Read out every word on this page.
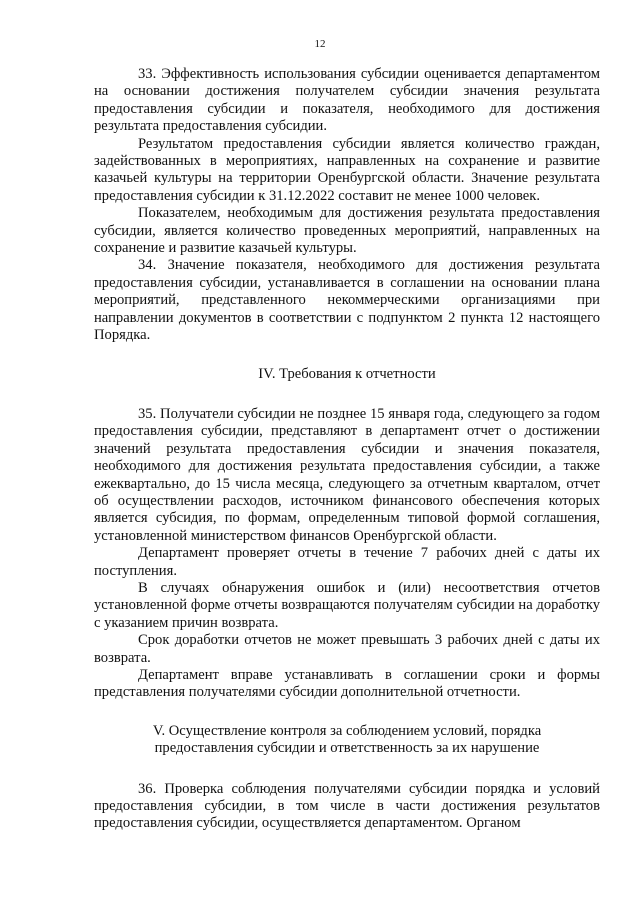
12

33. Эффективность использования субсидии оценивается департаментом на основании достижения получателем субсидии значения результата предоставления субсидии и показателя, необходимого для достижения результата предоставления субсидии.

Результатом предоставления субсидии является количество граждан, задействованных в мероприятиях, направленных на сохранение и развитие казачьей культуры на территории Оренбургской области. Значение результата предоставления субсидии к 31.12.2022 составит не менее 1000 человек.

Показателем, необходимым для достижения результата предоставления субсидии, является количество проведенных мероприятий, направленных на сохранение и развитие казачьей культуры.

34. Значение показателя, необходимого для достижения результата предоставления субсидии, устанавливается в соглашении на основании плана мероприятий, представленного некоммерческими организациями при направлении документов в соответствии с подпунктом 2 пункта 12 настоящего Порядка.

IV. Требования к отчетности

35. Получатели субсидии не позднее 15 января года, следующего за годом предоставления субсидии, представляют в департамент отчет о достижении значений результата предоставления субсидии и значения показателя, необходимого для достижения результата предоставления субсидии, а также ежеквартально, до 15 числа месяца, следующего за отчетным кварталом, отчет об осуществлении расходов, источником финансового обеспечения которых является субсидия, по формам, определенным типовой формой соглашения, установленной министерством финансов Оренбургской области.

Департамент проверяет отчеты в течение 7 рабочих дней с даты их поступления.

В случаях обнаружения ошибок и (или) несоответствия отчетов установленной форме отчеты возвращаются получателям субсидии на доработку с указанием причин возврата.

Срок доработки отчетов не может превышать 3 рабочих дней с даты их возврата.

Департамент вправе устанавливать в соглашении сроки и формы представления получателями субсидии дополнительной отчетности.

V. Осуществление контроля за соблюдением условий, порядка

предоставления субсидии и ответственность за их нарушение

36. Проверка соблюдения получателями субсидии порядка и условий предоставления субсидии, в том числе в части достижения результатов предоставления субсидии, осуществляется департаментом. Органом
